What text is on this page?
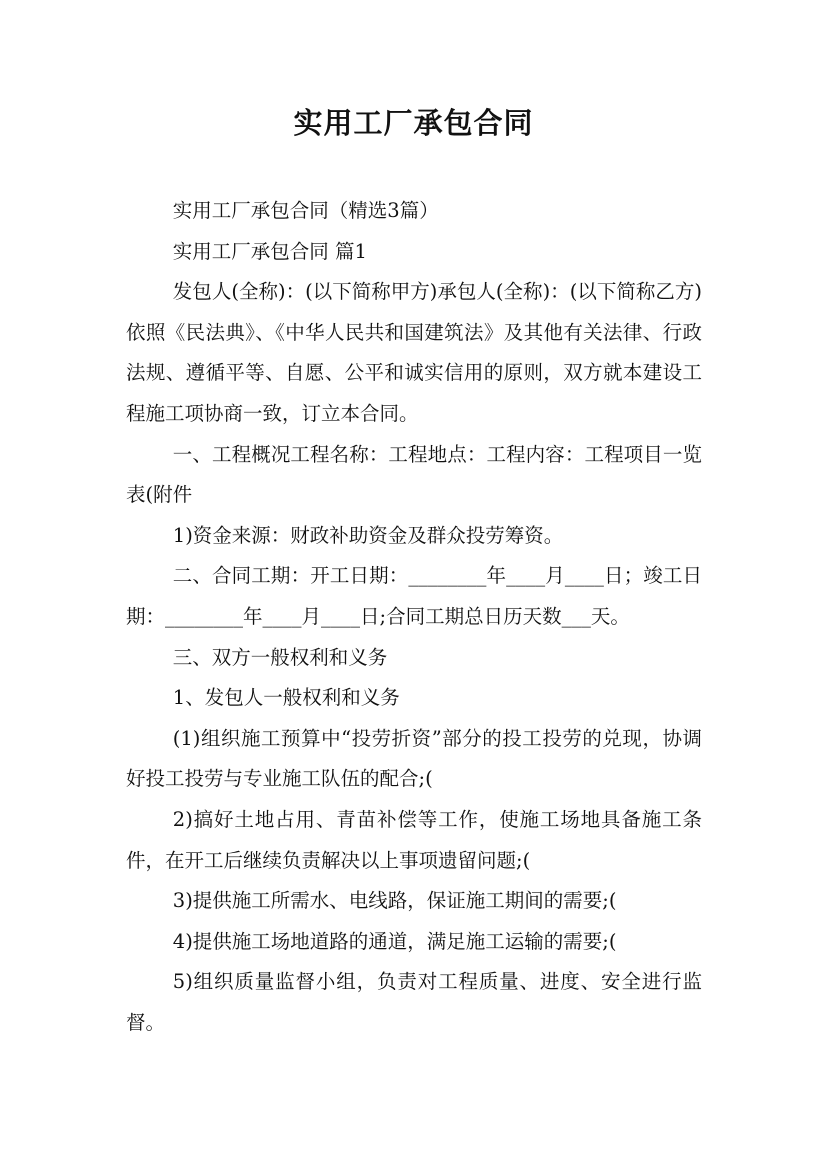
实用工厂承包合同

实用工厂承包合同（精选3篇）

实用工厂承包合同 篇1

发包人(全称)：(以下简称甲方)承包人(全称)：(以下简称乙方)依照《民法典》、《中华人民共和国建筑法》及其他有关法律、行政法规、遵循平等、自愿、公平和诚实信用的原则，双方就本建设工程施工项协商一致，订立本合同。

一、工程概况工程名称：工程地点：工程内容：工程项目一览表(附件

1)资金来源：财政补助资金及群众投劳筹资。

二、合同工期：开工日期：________年____月____日；竣工日期：________年____月____日;合同工期总日历天数___天。

三、双方一般权利和义务

1、发包人一般权利和义务

(1)组织施工预算中“投劳折资”部分的投工投劳的兑现，协调好投工投劳与专业施工队伍的配合;(

2)搞好土地占用、青苗补偿等工作，使施工场地具备施工条件，在开工后继续负责解决以上事项遗留问题;(

3)提供施工所需水、电线路，保证施工期间的需要;(

4)提供施工场地道路的通道，满足施工运输的需要;(

5)组织质量监督小组，负责对工程质量、进度、安全进行监督。
